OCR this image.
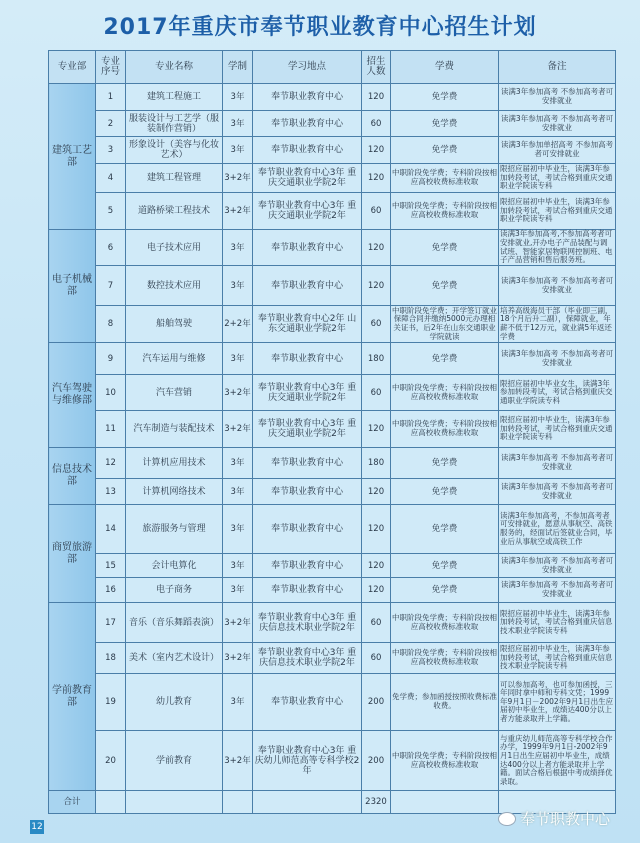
2017年重庆市奉节职业教育中心招生计划
专业部	专业序号	专业名称	学制	学习地点	招生人数	学费	备注
建筑工艺部	1	建筑工程施工	3年	奉节职业教育中心	120	免学费	读满3年参加高考 不参加高考者可安排就业
	2	服装设计与工艺学（服装制作营销）	3年	奉节职业教育中心	60	免学费	读满3年参加高考 不参加高考者可安排就业
	3	形象设计（美容与化妆艺术）	3年	奉节职业教育中心	120	免学费	读满3年参加单招高考 不参加高考者可安排就业
	4	建筑工程管理	3+2年	奉节职业教育中心3年 重庆交通职业学院2年	120	中职阶段免学费；专科阶段按相应高校收费标准收取	限招应届初中毕业生，读满3年参加转段考试，考试合格到重庆交通职业学院读专科
	5	道路桥梁工程技术	3+2年	奉节职业教育中心3年 重庆交通职业学院2年	60	中职阶段免学费；专科阶段按相应高校收费标准收取	限招应届初中毕业生，读满3年参加转段考试，考试合格到重庆交通职业学院读专科
电子机械部	6	电子技术应用	3年	奉节职业教育中心	120	免学费	读满3年参加高考,不参加高考者可安排就业,开办电子产品装配与调试班、智能家居物联网控制班、电子产品营销和售后服务班。
	7	数控技术应用	3年	奉节职业教育中心	120	免学费	读满3年参加高考 不参加高考者可安排就业
	8	船舶驾驶	2+2年	奉节职业教育中心2年 山东交通职业学院2年	60	中职阶段免学费；开学签订就业保障合同并缴纳5000元办理相关证书，后2年在山东交通职业学院就读	培养高级海员干部（毕业即三副，18个月后升二副），保障就业，年薪不低于12万元，就业满5年返还学费
汽车驾驶与维修部	9	汽车运用与维修	3年	奉节职业教育中心	180	免学费	读满3年参加高考 不参加高考者可安排就业
	10	汽车营销	3+2年	奉节职业教育中心3年 重庆交通职业学院2年	60	中职阶段免学费；专科阶段按相应高校收费标准收取	限招应届初中毕业女生，读满3年参加转段考试，考试合格到重庆交通职业学院读专科
	11	汽车制造与装配技术	3+2年	奉节职业教育中心3年 重庆交通职业学院2年	120	中职阶段免学费；专科阶段按相应高校收费标准收取	限招应届初中毕业生，读满3年参加转段考试，考试合格到重庆交通职业学院读专科
信息技术部	12	计算机应用技术	3年	奉节职业教育中心	180	免学费	读满3年参加高考 不参加高考者可安排就业
	13	计算机网络技术	3年	奉节职业教育中心	120	免学费	读满3年参加高考 不参加高考者可安排就业
商贸旅游部	14	旅游服务与管理	3年	奉节职业教育中心	120	免学费	读满3年参加高考，不参加高考者可安排就业，愿意从事航空、高铁服务的，经面试后签就业合同，毕业后从事航空或高铁工作
	15	会计电算化	3年	奉节职业教育中心	120	免学费	读满3年参加高考 不参加高考者可安排就业
	16	电子商务	3年	奉节职业教育中心	120	免学费	读满3年参加高考 不参加高考者可安排就业
学前教育部	17	音乐（音乐舞蹈表演）	3+2年	奉节职业教育中心3年 重庆信息技术职业学院2年	60	中职阶段免学费；专科阶段按相应高校收费标准收取	限招应届初中毕业生，读满3年参加转段考试，考试合格到重庆信息技术职业学院读专科
	18	美术（室内艺术设计）	3+2年	奉节职业教育中心3年 重庆信息技术职业学院2年	60	中职阶段免学费；专科阶段按相应高校收费标准收取	限招应届初中毕业生，读满3年参加转段考试，考试合格到重庆信息技术职业学院读专科
	19	幼儿教育	3年	奉节职业教育中心	200	免学费；参加函授按照收费标准收费。	可以参加高考，也可参加函授，三年同时拿中师和专科文凭；1999年9月1日－2002年9月1日出生应届初中毕业生，成绩达400分以上者方能录取并上学籍。
	20	学前教育	3+2年	奉节职业教育中心3年 重庆幼儿师范高等专科学校2年	200	中职阶段免学费；专科阶段按相应高校收费标准收取	与重庆幼儿师范高等专科学校合作办学，1999年9月1日-2002年9月1日出生应届初中毕业生，成绩达400分以上者方能录取并上学籍。面试合格后根据中考成绩择优录取。
合计					2320		
12	奉节职教中心
